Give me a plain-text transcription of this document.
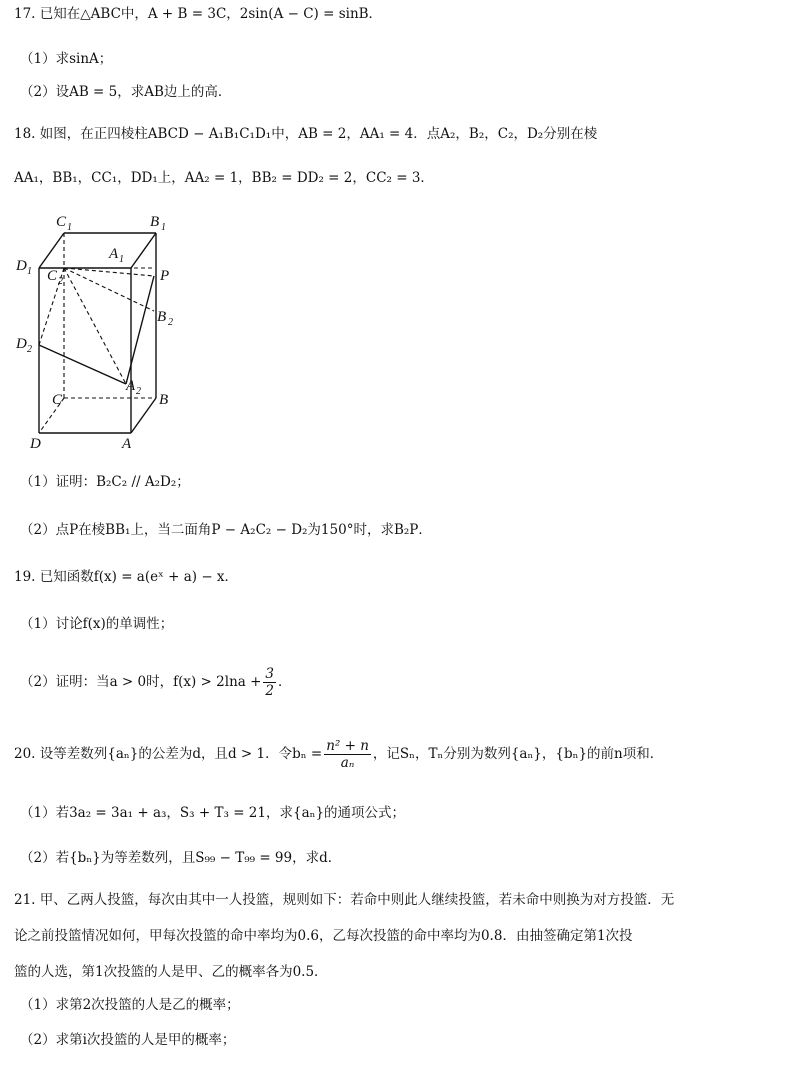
17. 已知在△ABC中，A + B = 3C，2sin(A − C) = sinB．
（1）求sinA；
（2）设AB = 5，求AB边上的高．
18. 如图，在正四棱柱ABCD − A₁B₁C₁D₁中，AB = 2，AA₁ = 4．点A₂，B₂，C₂，D₂分别在棱
AA₁，BB₁，CC₁，DD₁上，AA₂ = 1，BB₂ = DD₂ = 2，CC₂ = 3．
C 1	B 1
A 1
D 1 C 2	P
B 2
D 2
A 2
C	B
D	A
（1）证明：B₂C₂ // A₂D₂；
（2）点P在棱BB₁上，当二面角P − A₂C₂ − D₂为150°时，求B₂P．
19. 已知函数f(x) = a(eˣ + a) − x．
（1）讨论f(x)的单调性；
（2）证明：当a > 0时，$f(x) > 2\ln a + \frac{3}{2}$ ．
20. 设等差数列{aₙ}的公差为d，且d > 1．令$b_n = \frac{\text{n² + n}}{\text{aₙ}}$ ，记Sₙ，Tₙ分别为数列{aₙ}，{bₙ}的前n项和．
（1）若3a₂ = 3a₁ + a₃，S₃ + T₃ = 21，求{aₙ}的通项公式；
（2）若{bₙ}为等差数列，且S₉₉ − T₉₉ = 99，求d．
21. 甲、乙两人投篮，每次由其中一人投篮，规则如下：若命中则此人继续投篮，若未命中则换为对方投篮．无
论之前投篮情况如何，甲每次投篮的命中率均为0.6，乙每次投篮的命中率均为0.8．由抽签确定第1次投
篮的人选，第1次投篮的人是甲、乙的概率各为0.5．
（1）求第2次投篮的人是乙的概率；
（2）求第i次投篮的人是甲的概率；
